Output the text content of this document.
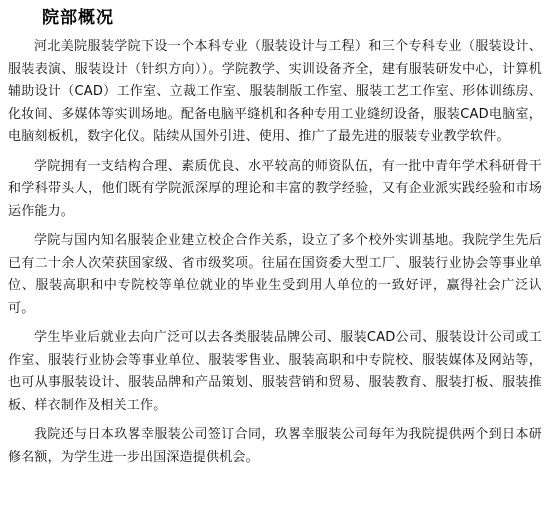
院部概况

河北美院服装学院下设一个本科专业（服装设计与工程）和三个专科专业（服装设计、服装表演、服装设计（针织方向））。学院教学、实训设备齐全，建有服装研发中心，计算机辅助设计（CAD）工作室、立裁工作室、服装制版工作室、服装工艺工作室、形体训练房、化妆间、多媒体等实训场地。配备电脑平缝机和各种专用工业缝纫设备，服装CAD电脑室，电脑刻板机，数字化仪。陆续从国外引进、使用、推广了最先进的服装专业教学软件。

学院拥有一支结构合理、素质优良、水平较高的师资队伍，有一批中青年学术科研骨干和学科带头人，他们既有学院派深厚的理论和丰富的教学经验，又有企业派实践经验和市场运作能力。

学院与国内知名服装企业建立校企合作关系，设立了多个校外实训基地。我院学生先后已有二十余人次荣获国家级、省市级奖项。往届在国资委大型工厂、服装行业协会等事业单位、服装高职和中专院校等单位就业的毕业生受到用人单位的一致好评，赢得社会广泛认可。

学生毕业后就业去向广泛可以去各类服装品牌公司、服装CAD公司、服装设计公司或工作室、服装行业协会等事业单位、服装零售业、服装高职和中专院校、服装媒体及网站等，也可从事服装设计、服装品牌和产品策划、服装营销和贸易、服装教育、服装打板、服装推板、样衣制作及相关工作。

我院还与日本玖畧幸服装公司签订合同，玖畧幸服装公司每年为我院提供两个到日本研修名额，为学生进一步出国深造提供机会。
